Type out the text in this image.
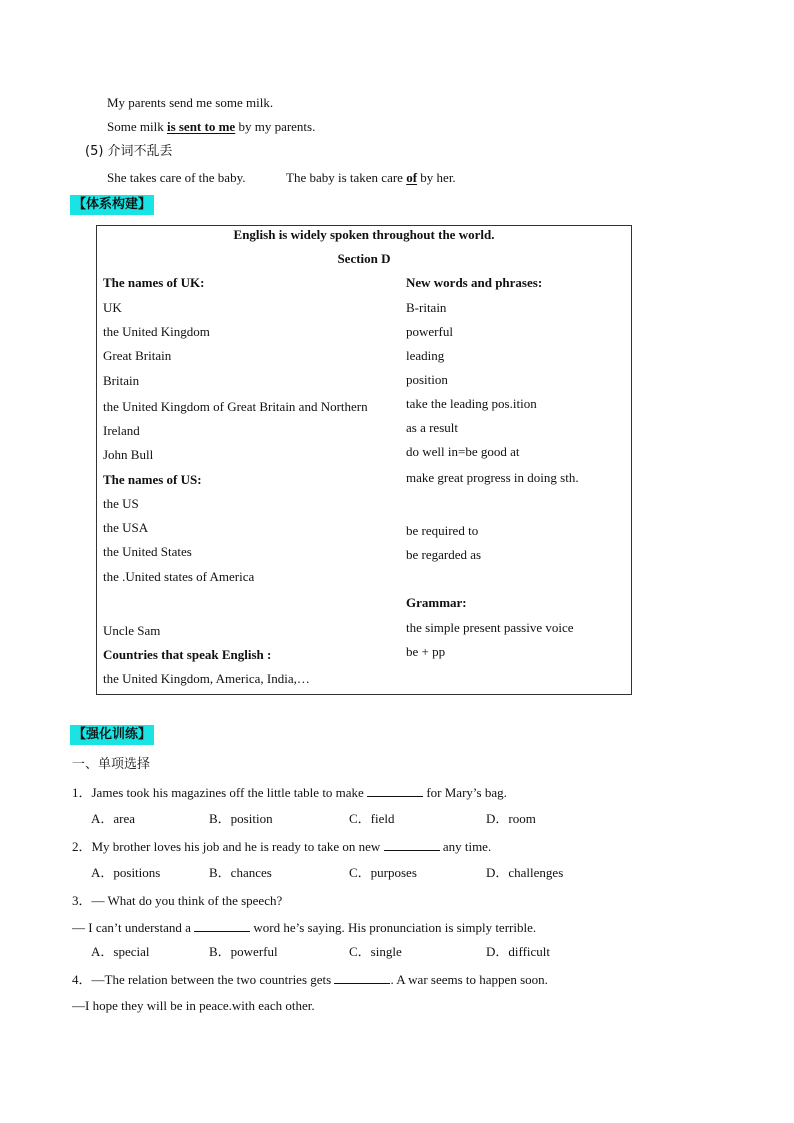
My parents send me some milk.
Some milk is sent to me by my parents.
(5) 介词不乱丢
She takes care of the baby.	The baby is taken care of by her.
【体系构建】
English is widely spoken throughout the world.
Section D
The names of UK:
UK
the United Kingdom
Great Britain
Britain
the United Kingdom of Great Britain and Northern
Ireland
John Bull
The names of US:
the US
the USA
the United States
the .United states of America
Uncle Sam
Countries that speak English :
the United Kingdom, America, India,…
New words and phrases:
B-ritain
powerful
leading
position
take the leading pos.ition
as a result
do well in=be good at
make great progress in doing sth.
be required to
be regarded as
Grammar:
the simple present passive voice
be + pp
【强化训练】
一、单项选择
1．James took his magazines off the little table to make	for Mary’s bag.
A．area	B．position	C．field	D．room
2．My brother loves his job and he is ready to take on new	any time.
A．positions	B．chances	C．purposes	D．challenges
3．— What do you think of the speech?
— I can’t understand a	word he’s saying. His pronunciation is simply terrible.
A．special	B．powerful	C．single	D．difficult
4．—The relation between the two countries gets	. A war seems to happen soon.
—I hope they will be in peace.with each other.
